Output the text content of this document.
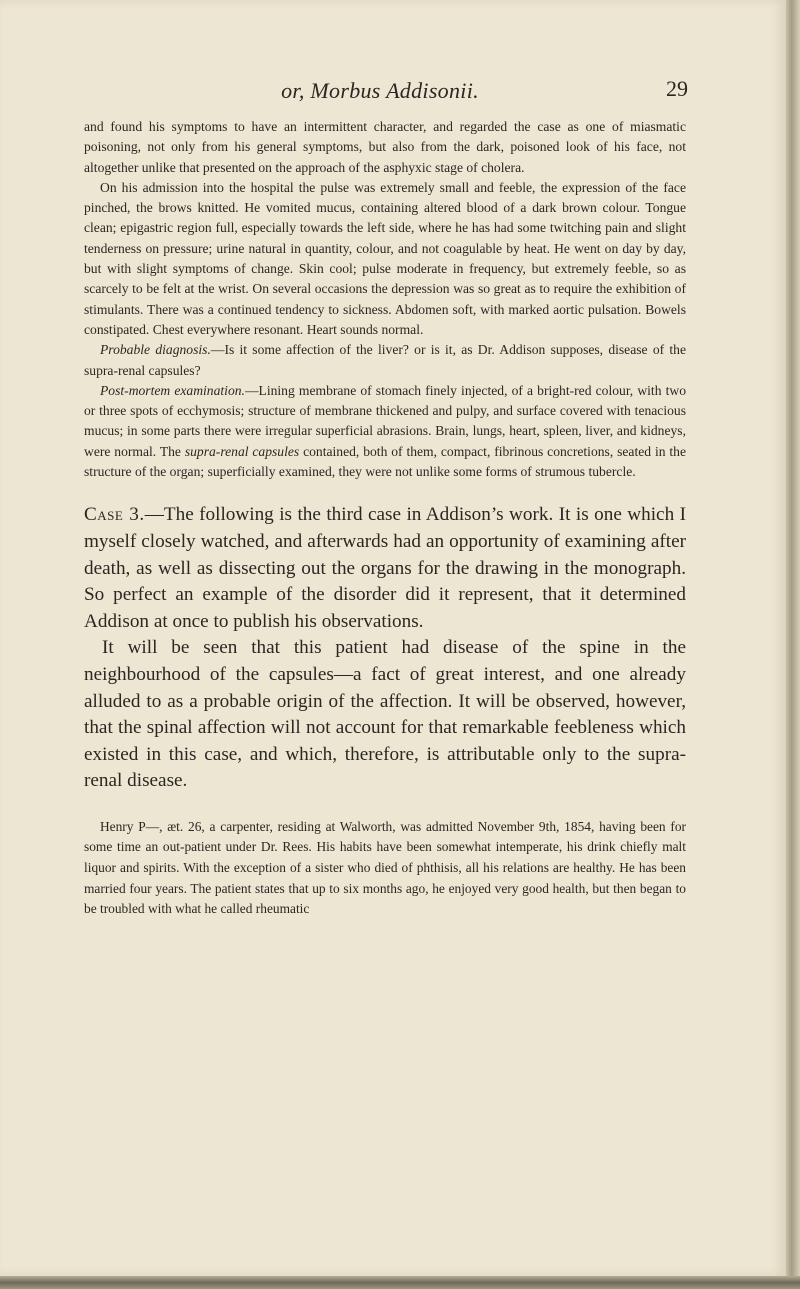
or, Morbus Addisonii.	29

and found his symptoms to have an intermittent character, and regarded the case as one of miasmatic poisoning, not only from his general symptoms, but also from the dark, poisoned look of his face, not altogether unlike that presented on the approach of the asphyxic stage of cholera.

On his admission into the hospital the pulse was extremely small and feeble, the expression of the face pinched, the brows knitted. He vomited mucus, containing altered blood of a dark brown colour. Tongue clean; epigastric region full, especially towards the left side, where he has had some twitching pain and slight tenderness on pressure; urine natural in quantity, colour, and not coagulable by heat. He went on day by day, but with slight symptoms of change. Skin cool; pulse moderate in frequency, but extremely feeble, so as scarcely to be felt at the wrist. On several occasions the depression was so great as to require the exhibition of stimulants. There was a continued tendency to sickness. Abdomen soft, with marked aortic pulsation. Bowels constipated. Chest everywhere resonant. Heart sounds normal.

Probable diagnosis.—Is it some affection of the liver? or is it, as Dr. Addison supposes, disease of the supra-renal capsules?

Post-mortem examination.—Lining membrane of stomach finely injected, of a bright-red colour, with two or three spots of ecchymosis; structure of membrane thickened and pulpy, and surface covered with tenacious mucus; in some parts there were irregular superficial abrasions. Brain, lungs, heart, spleen, liver, and kidneys, were normal. The supra-renal capsules contained, both of them, compact, fibrinous concretions, seated in the structure of the organ; superficially examined, they were not unlike some forms of strumous tubercle.

Case 3.—The following is the third case in Addison’s work. It is one which I myself closely watched, and afterwards had an opportunity of examining after death, as well as dissecting out the organs for the drawing in the monograph. So perfect an example of the disorder did it represent, that it determined Addison at once to publish his observations.

It will be seen that this patient had disease of the spine in the neighbourhood of the capsules—a fact of great interest, and one already alluded to as a probable origin of the affection. It will be observed, however, that the spinal affection will not account for that remarkable feebleness which existed in this case, and which, therefore, is attributable only to the supra-renal disease.

Henry P—, æt. 26, a carpenter, residing at Walworth, was admitted November 9th, 1854, having been for some time an out-patient under Dr. Rees. His habits have been somewhat intemperate, his drink chiefly malt liquor and spirits. With the exception of a sister who died of phthisis, all his relations are healthy. He has been married four years. The patient states that up to six months ago, he enjoyed very good health, but then began to be troubled with what he called rheumatic
